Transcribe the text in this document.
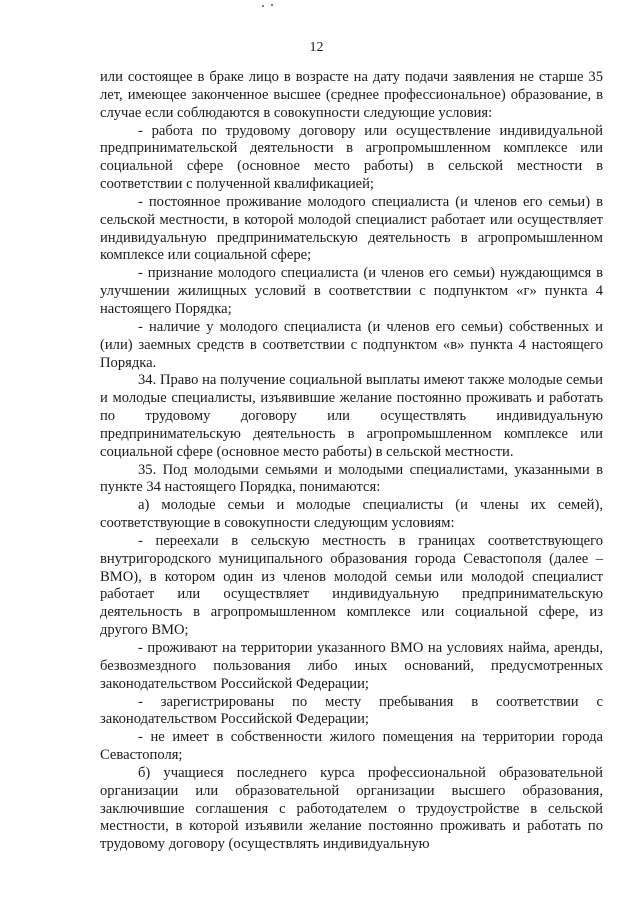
12

или состоящее в браке лицо в возрасте на дату подачи заявления не старше 35 лет, имеющее законченное высшее (среднее профессиональное) образование, в случае если соблюдаются в совокупности следующие условия:

- работа по трудовому договору или осуществление индивидуальной предпринимательской деятельности в агропромышленном комплексе или социальной сфере (основное место работы) в сельской местности в соответствии с полученной квалификацией;

- постоянное проживание молодого специалиста (и членов его семьи) в сельской местности, в которой молодой специалист работает или осуществляет индивидуальную предпринимательскую деятельность в агропромышленном комплексе или социальной сфере;

- признание молодого специалиста (и членов его семьи) нуждающимся в улучшении жилищных условий в соответствии с подпунктом «г» пункта 4 настоящего Порядка;

- наличие у молодого специалиста (и членов его семьи) собственных и (или) заемных средств в соответствии с подпунктом «в» пункта 4 настоящего Порядка.

34. Право на получение социальной выплаты имеют также молодые семьи и молодые специалисты, изъявившие желание постоянно проживать и работать по трудовому договору или осуществлять индивидуальную предпринимательскую деятельность в агропромышленном комплексе или социальной сфере (основное место работы) в сельской местности.

35. Под молодыми семьями и молодыми специалистами, указанными в пункте 34 настоящего Порядка, понимаются:

а) молодые семьи и молодые специалисты (и члены их семей), соответствующие в совокупности следующим условиям:

- переехали в сельскую местность в границах соответствующего внутригородского муниципального образования города Севастополя (далее – ВМО), в котором один из членов молодой семьи или молодой специалист работает или осуществляет индивидуальную предпринимательскую деятельность в агропромышленном комплексе или социальной сфере, из другого ВМО;

- проживают на территории указанного ВМО на условиях найма, аренды, безвозмездного пользования либо иных оснований, предусмотренных законодательством Российской Федерации;

- зарегистрированы по месту пребывания в соответствии с законодательством Российской Федерации;

- не имеет в собственности жилого помещения на территории города Севастополя;

б) учащиеся последнего курса профессиональной образовательной организации или образовательной организации высшего образования, заключившие соглашения с работодателем о трудоустройстве в сельской местности, в которой изъявили желание постоянно проживать и работать по трудовому договору (осуществлять индивидуальную
